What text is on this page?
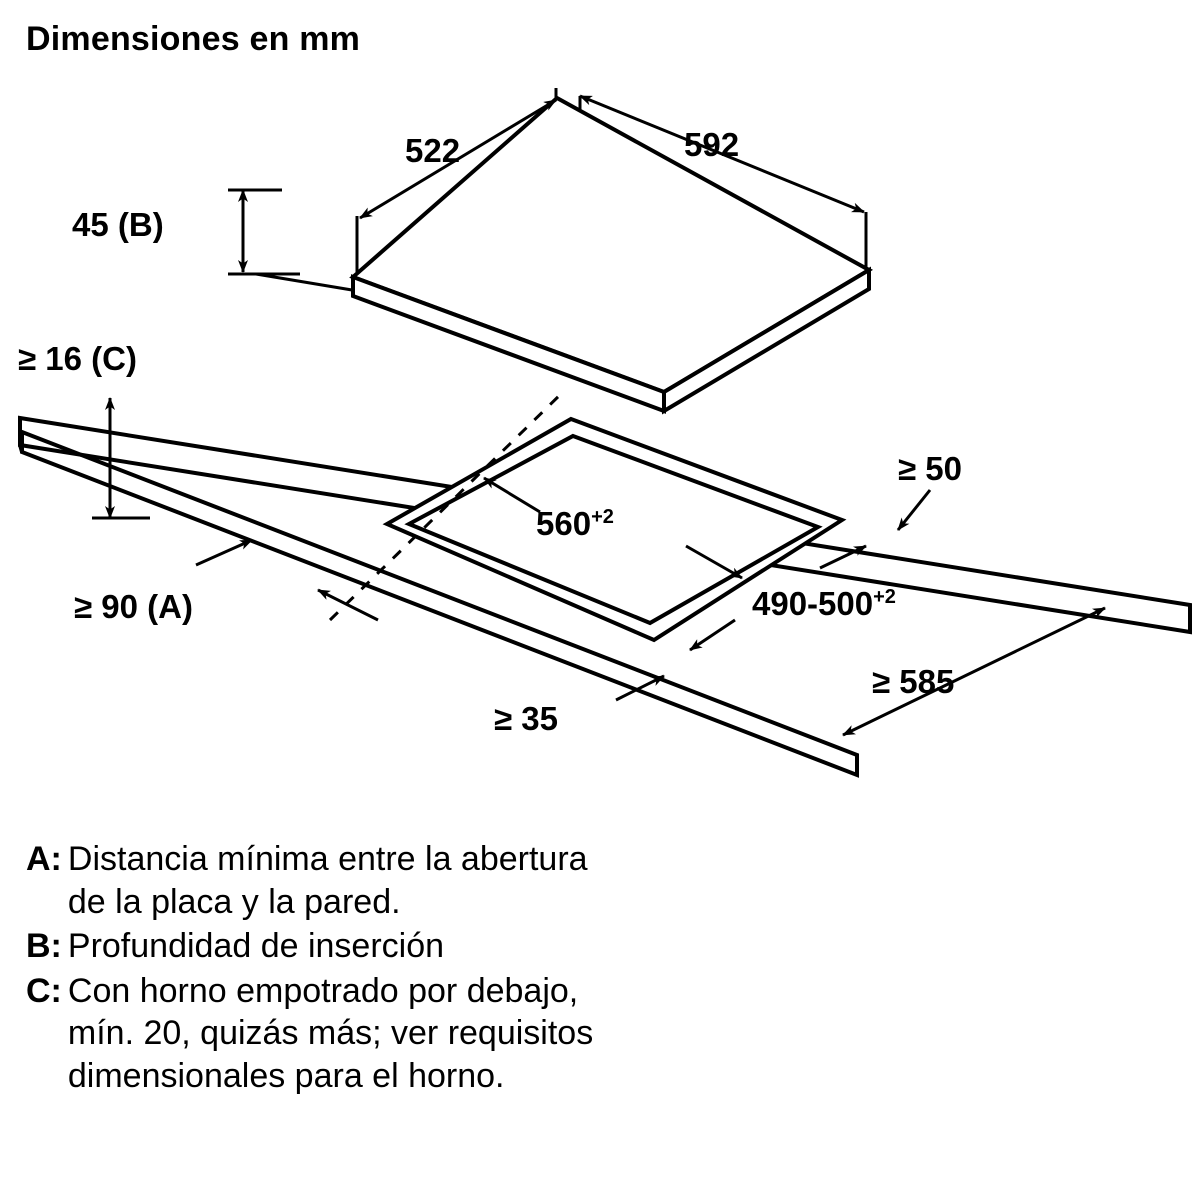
Dimensiones en mm
522	592
45 (B)
≥ 16 (C)
≥ 50
$560^{+2}$
$490-500^{+2}$
≥ 90 (A)
≥ 585
≥ 35
A: Distancia mínima entre la abertura
de la placa y la pared.
B: Profundidad de inserción
C: Con horno empotrado por debajo,
mín. 20, quizás más; ver requisitos
dimensionales para el horno.
